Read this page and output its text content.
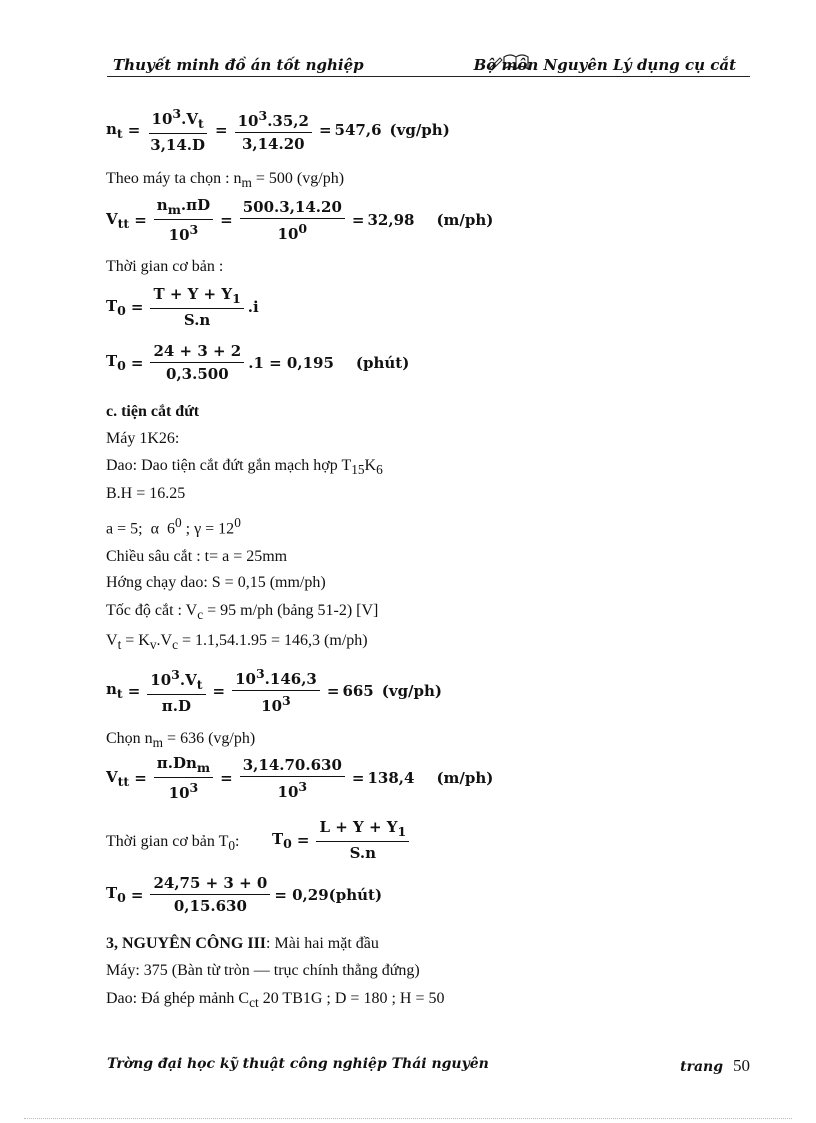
Thuyết minh đồ án tốt nghiệp	Bộ môn Nguyên Lý dụng cụ cắt
$n_t = \frac{10^3.V_t}{3,14.D} = \frac{10^3.35,2}{3,14.20} = 547,6$ (vg/ph)
Theo máy ta chọn : $n_m = 500$ (vg/ph)
$V_{tt} = \frac{n_m.\pi D}{10^3} = \frac{500.3,14.20}{10^0} = 32,98$ (m/ph)
Thời gian cơ bản :
$T_0 = \frac{T + Y + Y_1}{S.n} .i$
$T_0 = \frac{24 + 3 + 2}{0,3.500} .1 = 0,195$ (phút)
c. tiện cắt đứt
Máy 1K26:
Dao: Dao tiện cắt đứt gắn mạch hợp $T_{15}K_6$
B.H = 16.25
a = 5; α $6^0$ ; $\gamma = 12^0$
Chiều sâu cắt : t= a = 25mm
Hớng chạy dao: S = 0,15 (mm/ph)
Tốc độ cắt : $V_c = 95$ m/ph (bảng 51-2) [V]
$V_t = K_v.V_c = 1.1,54.1.95 = 146,3$ (m/ph)
$n_t = \frac{10^3.V_t}{\pi.D} = \frac{10^3.146,3}{10^3} = 665$ (vg/ph)
Chọn $n_m = 636$ (vg/ph)
$V_{tt} = \frac{\pi.Dn_m}{10^3} = \frac{3,14.70.630}{10^3} = 138,4$ (m/ph)
Thời gian cơ bản $T_0$: $T_0 = \frac{L + Y + Y_1}{S.n}$
$T_0 = \frac{24,75 + 3 + 0}{0,15.630}$ = 0,29(phút)
3, NGUYÊN CÔNG III: Mài hai mặt đầu
Máy: 375 (Bàn từ tròn — trục chính thẳng đứng)
Dao: Đá ghép mảnh $C_{ct}$ 20 TB1G ; D = 180 ; H = 50
Trờng đại học kỹ thuật công nghiệp Thái nguyên	trang 50
